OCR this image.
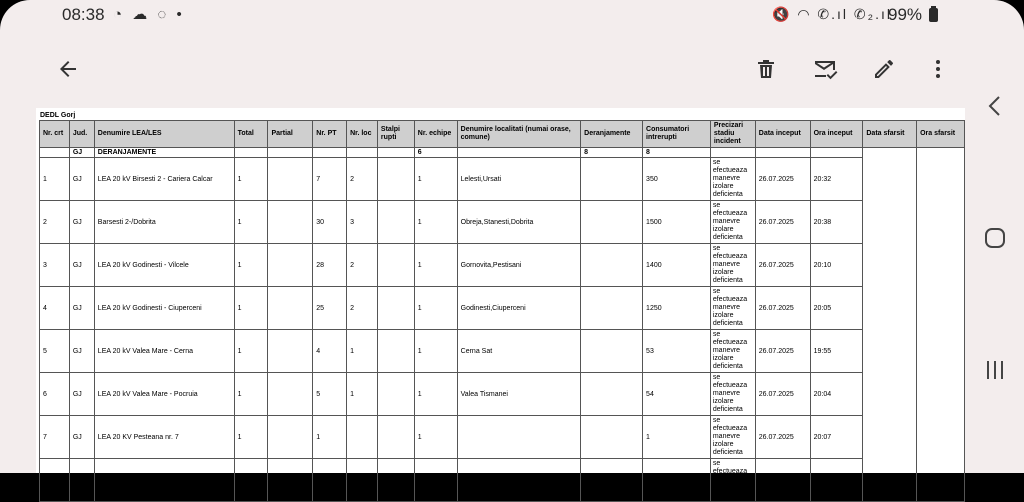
08:38 ◔ ☁ ◌ •	🔇 ◠ ✆.ıl ✆₂.ıl
99%
DEDL Gorj
Nr. crt	Jud.	Denumire LEA/LES	Total	Partial	Nr. PT	Nr. loc	Stalpi rupti	Nr. echipe	Denumire localitati (numai orase, comune)	Deranjamente	Consumatori intrerupti	Precizari stadiu incident	Data inceput	Ora inceput	Data sfarsit	Ora sfarsit
	GJ	DERANJAMENTE						6		8	8					
1	GJ	LEA 20 kV Birsesti 2 - Cariera Calcar	1		7	2		1	Lelesti,Ursati		350	se efectueaza manevre izolare deficienta	26.07.2025	20:32		
2	GJ	Barsesti 2-/Dobrita	1		30	3		1	Obreja,Stanesti,Dobrita		1500	se efectueaza manevre izolare deficienta	26.07.2025	20:38		
3	GJ	LEA 20 kV Godinesti - Vilcele	1		28	2		1	Gornovita,Pestisani		1400	se efectueaza manevre izolare deficienta	26.07.2025	20:10		
4	GJ	LEA 20 kV Godinesti - Ciuperceni	1		25	2		1	Godinesti,Ciuperceni		1250	se efectueaza manevre izolare deficienta	26.07.2025	20:05		
5	GJ	LEA 20 kV Valea Mare - Cerna	1		4	1		1	Cerna Sat		53	se efectueaza manevre izolare deficienta	26.07.2025	19:55		
6	GJ	LEA 20 kV Valea Mare - Pocruia	1		5	1		1	Valea Tismanei		54	se efectueaza manevre izolare deficienta	26.07.2025	20:04		
7	GJ	LEA 20 KV Pesteana nr. 7	1		1			1			1	se efectueaza manevre izolare deficienta	26.07.2025	20:07		
8	GJ	LEA 20 KV Pesteana nr. 12	1		1			1			1	se efectueaza manevre izolare deficienta	26.07.2025	20:09		
